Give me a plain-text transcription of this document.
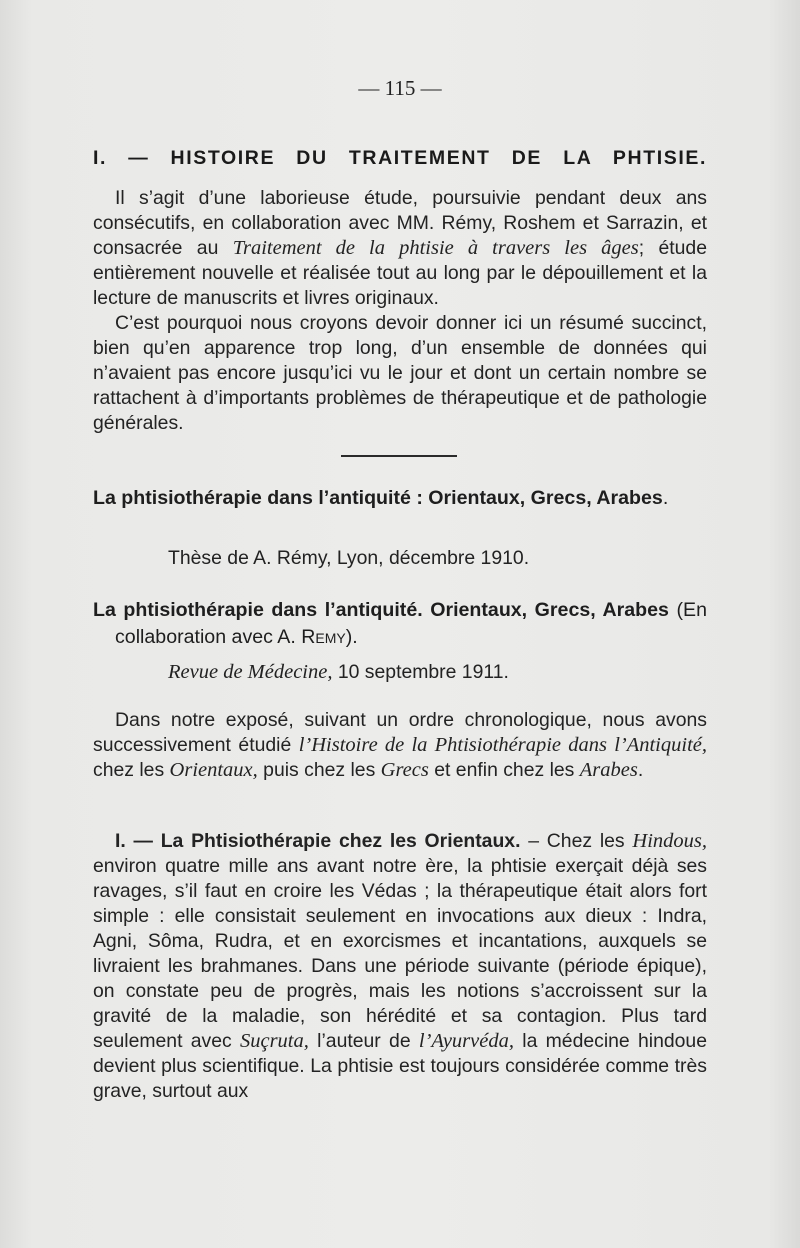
— 115 —
I. — HISTOIRE DU TRAITEMENT DE LA PHTISIE.

Il s’agit d’une laborieuse étude, poursuivie pendant deux ans consécutifs, en collaboration avec MM. Rémy, Roshem et Sarrazin, et consacrée au Traitement de la phtisie à travers les âges; étude entièrement nouvelle et réalisée tout au long par le dépouillement et la lecture de manuscrits et livres originaux.

C’est pourquoi nous croyons devoir donner ici un résumé succinct, bien qu’en apparence trop long, d’un ensemble de données qui n’avaient pas encore jusqu’ici vu le jour et dont un certain nombre se rattachent à d’importants problèmes de thérapeutique et de pathologie générales.

La phtisiothérapie dans l’antiquité : Orientaux, Grecs, Arabes.

Thèse de A. Rémy, Lyon, décembre 1910.

La phtisiothérapie dans l’antiquité. Orientaux, Grecs, Arabes (En collaboration avec A. Remy).

Revue de Médecine, 10 septembre 1911.

Dans notre exposé, suivant un ordre chronologique, nous avons successivement étudié l’Histoire de la Phtisiothérapie dans l’Antiquité, chez les Orientaux, puis chez les Grecs et enfin chez les Arabes.

I. — La Phtisiothérapie chez les Orientaux. – Chez les Hindous, environ quatre mille ans avant notre ère, la phtisie exerçait déjà ses ravages, s’il faut en croire les Védas ; la thérapeutique était alors fort simple : elle consistait seulement en invocations aux dieux : Indra, Agni, Sôma, Rudra, et en exorcismes et incantations, auxquels se livraient les brahmanes. Dans une période suivante (période épique), on constate peu de progrès, mais les notions s’accroissent sur la gravité de la maladie, son hérédité et sa contagion. Plus tard seulement avec Suçruta, l’auteur de l’Ayurvéda, la médecine hindoue devient plus scientifique. La phtisie est toujours considérée comme très grave, surtout aux
